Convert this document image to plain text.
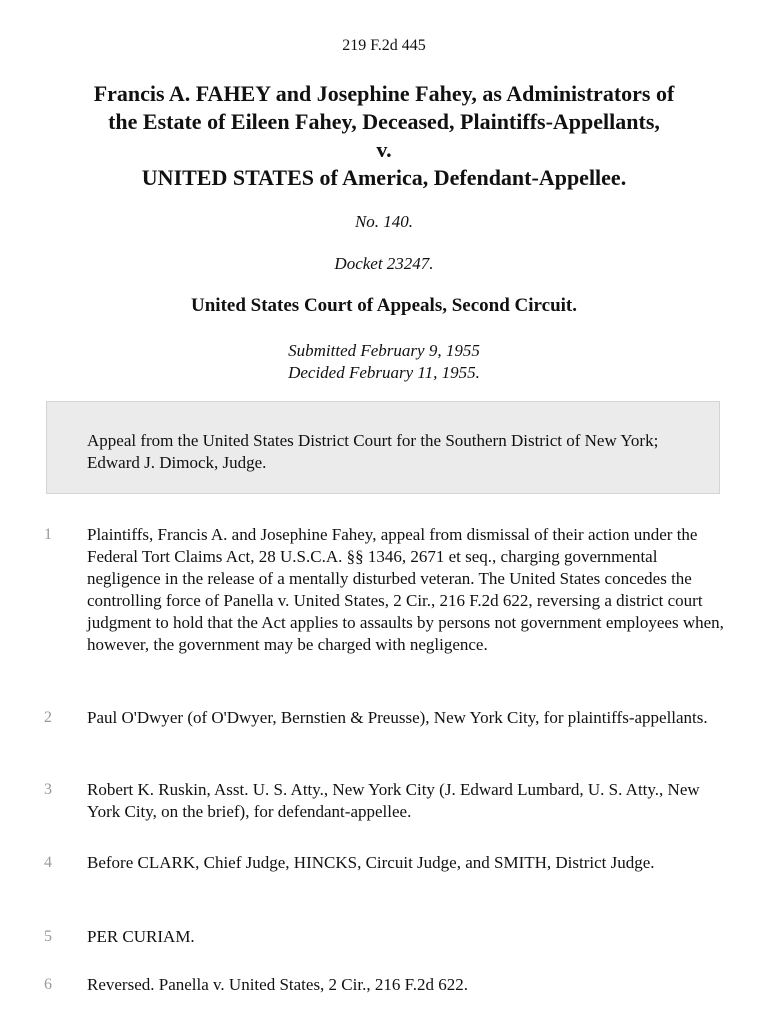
219 F.2d 445
Francis A. FAHEY and Josephine Fahey, as Administrators of
the Estate of Eileen Fahey, Deceased, Plaintiffs-Appellants,
v.
UNITED STATES of America, Defendant-Appellee.
No. 140.
Docket 23247.
United States Court of Appeals, Second Circuit.
Submitted February 9, 1955
Decided February 11, 1955.
Appeal from the United States District Court for the Southern District of New York; Edward J. Dimock, Judge.
1	Plaintiffs, Francis A. and Josephine Fahey, appeal from dismissal of their action under the Federal Tort Claims Act, 28 U.S.C.A. §§ 1346, 2671 et seq., charging governmental negligence in the release of a mentally disturbed veteran. The United States concedes the controlling force of Panella v. United States, 2 Cir., 216 F.2d 622, reversing a district court judgment to hold that the Act applies to assaults by persons not government employees when, however, the government may be charged with negligence.
2	Paul O'Dwyer (of O'Dwyer, Bernstien & Preusse), New York City, for plaintiffs-appellants.
3	Robert K. Ruskin, Asst. U. S. Atty., New York City (J. Edward Lumbard, U. S. Atty., New York City, on the brief), for defendant-appellee.
4	Before CLARK, Chief Judge, HINCKS, Circuit Judge, and SMITH, District Judge.
5	PER CURIAM.
6	Reversed. Panella v. United States, 2 Cir., 216 F.2d 622.
